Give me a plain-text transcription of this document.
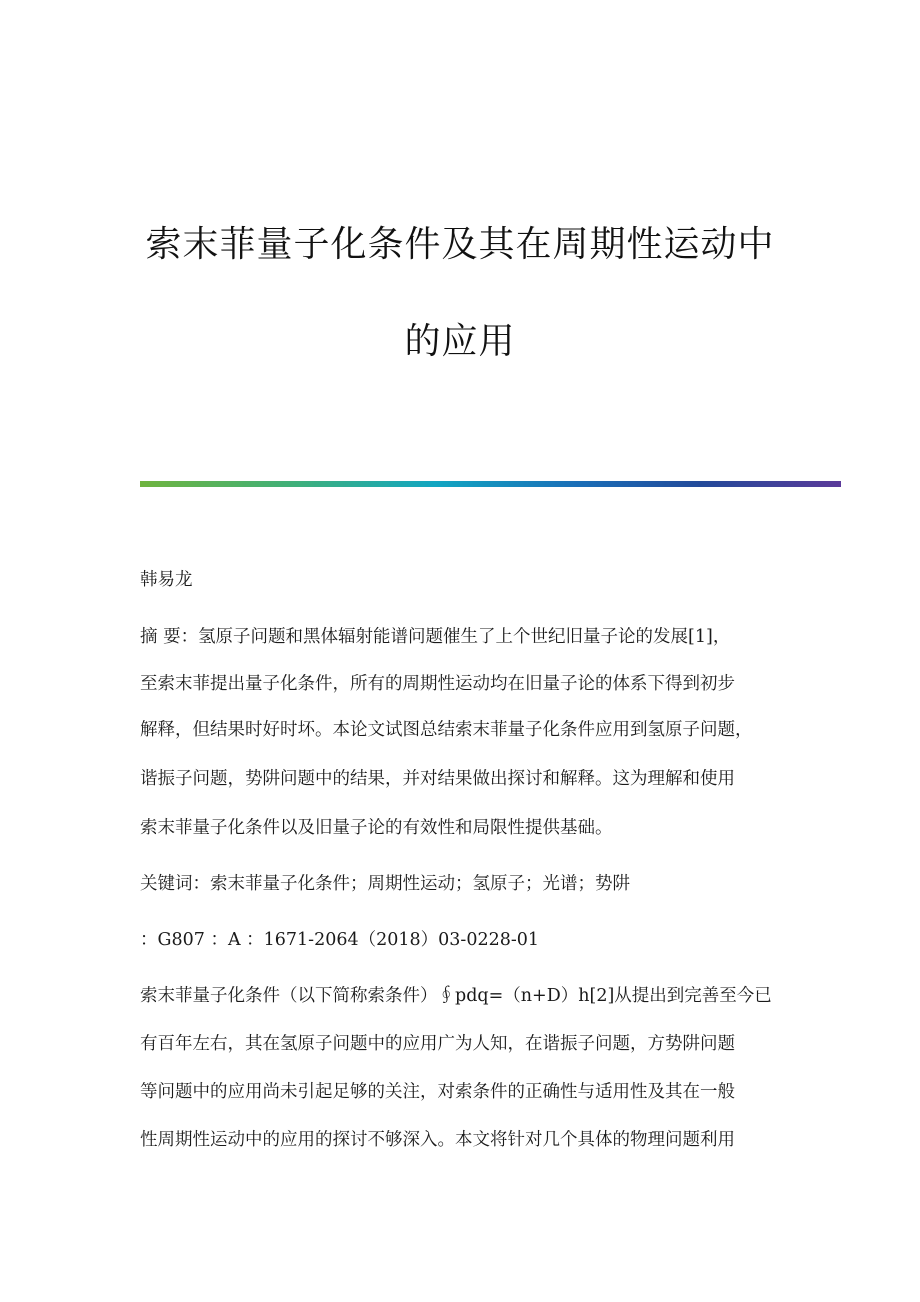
索末菲量子化条件及其在周期性运动中
的应用
韩易龙
摘 要：氢原子问题和黑体辐射能谱问题催生了上个世纪旧量子论的发展[1]，
至索末菲提出量子化条件，所有的周期性运动均在旧量子论的体系下得到初步
解释，但结果时好时坏。本论文试图总结索末菲量子化条件应用到氢原子问题，
谐振子问题，势阱问题中的结果，并对结果做出探讨和解释。这为理解和使用
索末菲量子化条件以及旧量子论的有效性和局限性提供基础。
关键词：索末菲量子化条件；周期性运动；氢原子；光谱；势阱
：G807 ：A ：1671-2064（2018）03-0228-01
索末菲量子化条件（以下简称索条件）∮pdq=（n+D）h[2]从提出到完善至今已
有百年左右，其在氢原子问题中的应用广为人知，在谐振子问题，方势阱问题
等问题中的应用尚未引起足够的关注，对索条件的正确性与适用性及其在一般
性周期性运动中的应用的探讨不够深入。本文将针对几个具体的物理问题利用
